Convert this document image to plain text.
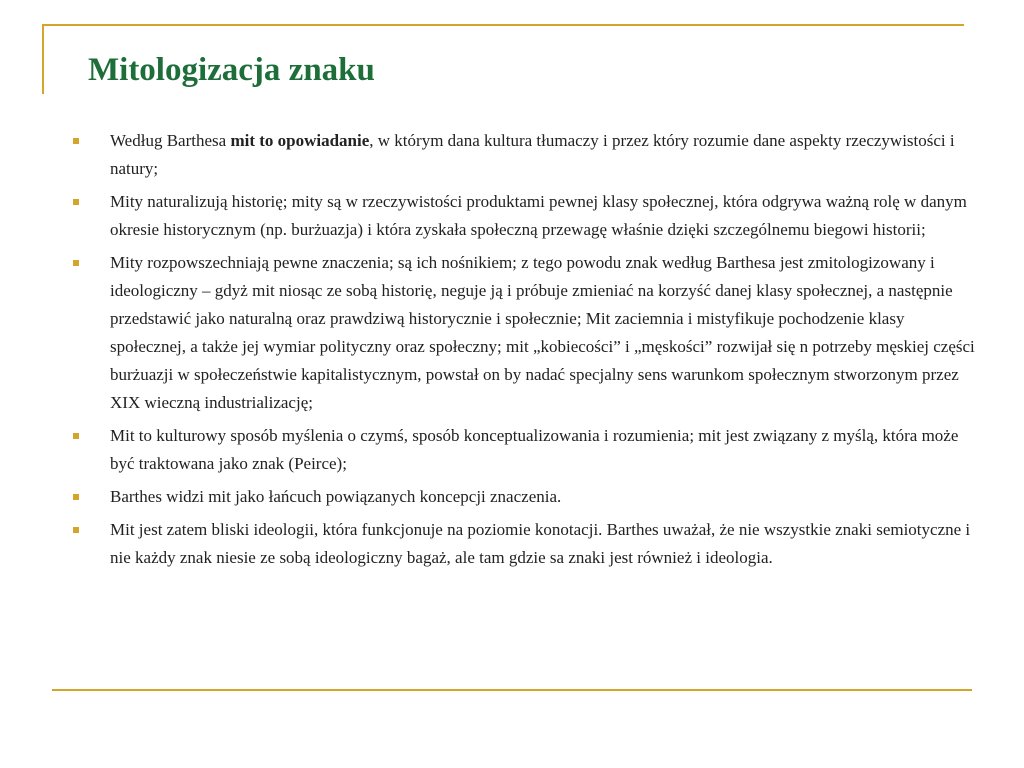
Mitologizacja znaku
Według Barthesa mit to opowiadanie, w którym dana kultura tłumaczy i przez który rozumie dane aspekty rzeczywistości i natury;
Mity naturalizują historię; mity są w rzeczywistości produktami pewnej klasy społecznej, która odgrywa ważną rolę w danym okresie historycznym (np. burżuazja) i która zyskała społeczną przewagę właśnie dzięki szczególnemu biegowi historii;
Mity rozpowszechniają pewne znaczenia; są ich nośnikiem; z tego powodu znak według Barthesa jest zmitologizowany i ideologiczny – gdyż mit niosąc ze sobą historię, neguje ją i próbuje zmieniać na korzyść danej klasy społecznej, a następnie przedstawić jako naturalną oraz prawdziwą historycznie i społecznie; Mit zaciemnia i mistyfikuje pochodzenie klasy społecznej, a także jej wymiar polityczny oraz społeczny; mit „kobiecości” i „męskości” rozwijał się n potrzeby męskiej części burżuazji w społeczeństwie kapitalistycznym, powstał on by nadać specjalny sens warunkom społecznym stworzonym przez XIX wieczną industrializację;
Mit to kulturowy sposób myślenia o czymś, sposób konceptualizowania i rozumienia; mit jest związany z myślą, która może być traktowana jako znak (Peirce);
Barthes widzi mit jako łańcuch powiązanych koncepcji znaczenia.
Mit jest zatem bliski ideologii, która funkcjonuje na poziomie konotacji. Barthes uważał, że nie wszystkie znaki semiotyczne i nie każdy znak niesie ze sobą ideologiczny bagaż, ale tam gdzie sa znaki jest również i ideologia.
